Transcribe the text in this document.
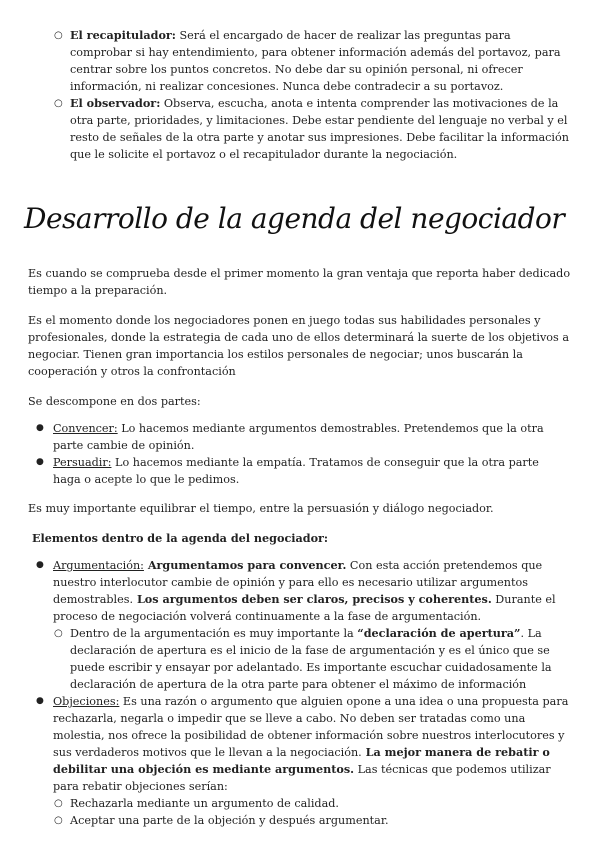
○ El recapitulador: Será el encargado de hacer de realizar las preguntas para comprobar si hay entendimiento, para obtener información además del portavoz, para centrar sobre los puntos concretos. No debe dar su opinión personal, ni ofrecer información, ni realizar concesiones. Nunca debe contradecir a su portavoz.
○ El observador: Observa, escucha, anota e intenta comprender las motivaciones de la otra parte, prioridades, y limitaciones. Debe estar pendiente del lenguaje no verbal y el resto de señales de la otra parte y anotar sus impresiones. Debe facilitar la información que le solicite el portavoz o el recapitulador durante la negociación.
Desarrollo de la agenda del negociador

Es cuando se comprueba desde el primer momento la gran ventaja que reporta haber dedicado tiempo a la preparación.

Es el momento donde los negociadores ponen en juego todas sus habilidades personales y profesionales, donde la estrategia de cada uno de ellos determinará la suerte de los objetivos a negociar. Tienen gran importancia los estilos personales de negociar; unos buscarán la cooperación y otros la confrontación

Se descompone en dos partes:

● Convencer: Lo hacemos mediante argumentos demostrables. Pretendemos que la otra parte cambie de opinión.
● Persuadir: Lo hacemos mediante la empatía. Tratamos de conseguir que la otra parte haga o acepte lo que le pedimos.

Es muy importante equilibrar el tiempo, entre la persuasión y diálogo negociador.

Elementos dentro de la agenda del negociador:

● Argumentación: Argumentamos para convencer. Con esta acción pretendemos que nuestro interlocutor cambie de opinión y para ello es necesario utilizar argumentos demostrables. Los argumentos deben ser claros, precisos y coherentes. Durante el proceso de negociación volverá continuamente a la fase de argumentación.
○ Dentro de la argumentación es muy importante la “declaración de apertura”. La declaración de apertura es el inicio de la fase de argumentación y es el único que se puede escribir y ensayar por adelantado. Es importante escuchar cuidadosamente la declaración de apertura de la otra parte para obtener el máximo de información
● Objeciones: Es una razón o argumento que alguien opone a una idea o una propuesta para rechazarla, negarla o impedir que se lleve a cabo. No deben ser tratadas como una molestia, nos ofrece la posibilidad de obtener información sobre nuestros interlocutores y sus verdaderos motivos que le llevan a la negociación. La mejor manera de rebatir o debilitar una objeción es mediante argumentos. Las técnicas que podemos utilizar para rebatir objeciones serían:
○ Rechazarla mediante un argumento de calidad.
○ Aceptar una parte de la objeción y después argumentar.
